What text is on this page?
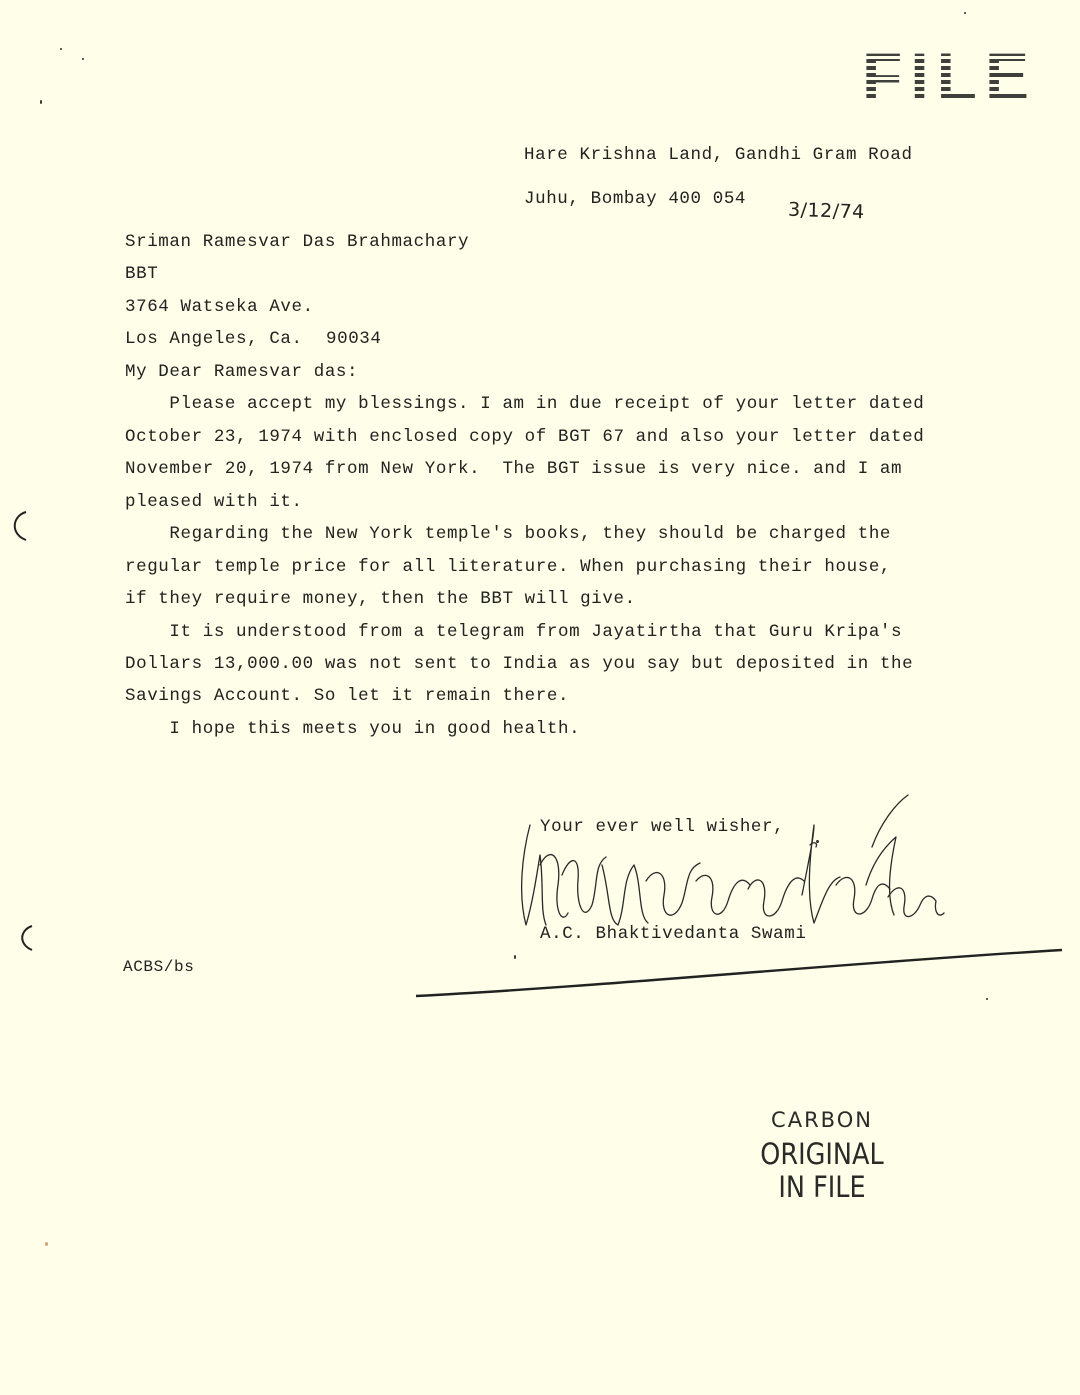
FILE
Hare Krishna Land, Gandhi Gram Road
Juhu, Bombay 400 054 3/12/74
Sriman Ramesvar Das Brahmachary
BBT
3764 Watseka Ave.
Los Angeles, Ca. 90034
My Dear Ramesvar das:
Please accept my blessings. I am in due receipt of your letter dated
October 23, 1974 with enclosed copy of BGT 67 and also your letter dated
November 20, 1974 from New York.  The BGT issue is very nice. and I am
pleased with it.
Regarding the New York temple's books, they should be charged the
regular temple price for all literature. When purchasing their house,
if they require money, then the BBT will give.
It is understood from a telegram from Jayatirtha that Guru Kripa's
Dollars 13,000.00 was not sent to India as you say but deposited in the
Savings Account. So let it remain there.
I hope this meets you in good health.
Your ever well wisher,
A.C. Bhaktivedanta Swami
ACBS/bs
CARBON
ORIGINAL
IN FILE
